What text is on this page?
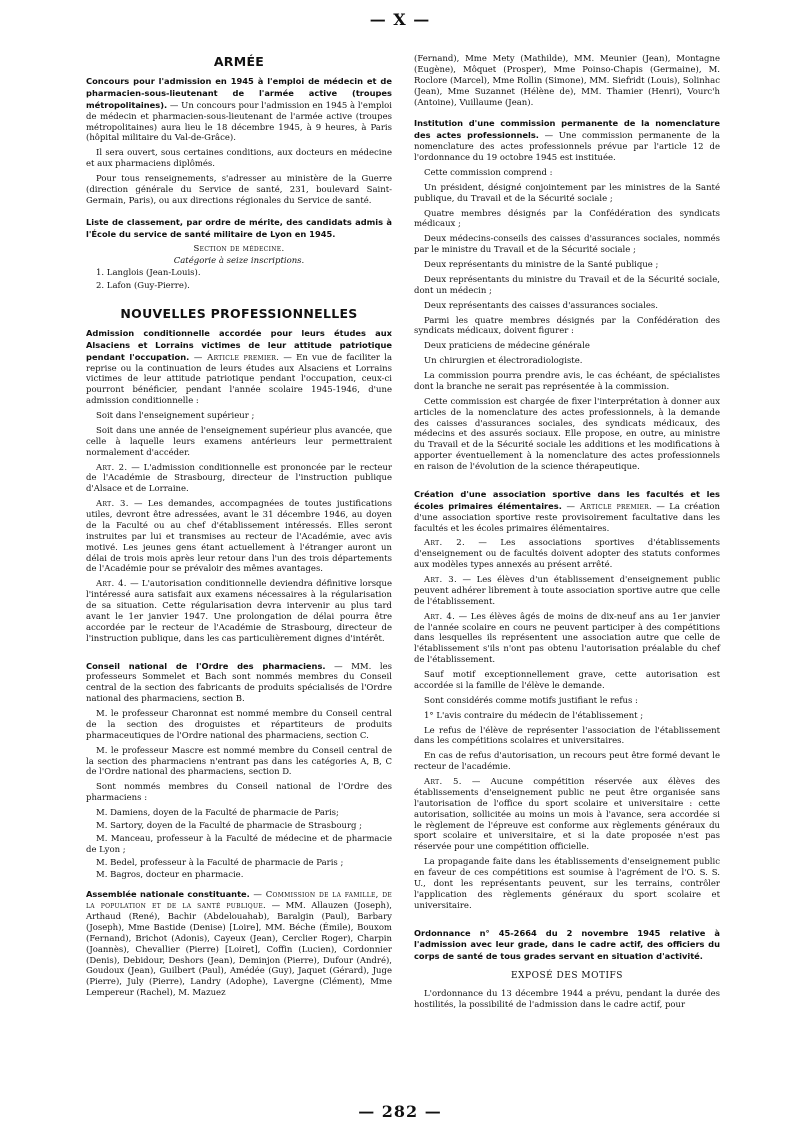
— X —
ARMÉE

Concours pour l'admission en 1945 à l'emploi de médecin et de pharmacien-sous-lieutenant de l'armée active (troupes métropolitaines). — Un concours pour l'admission en 1945 à l'emploi de médecin et pharmacien-sous-lieutenant de l'armée active (troupes métropolitaines) aura lieu le 18 décembre 1945, à 9 heures, à Paris (hôpital militaire du Val-de-Grâce).

Il sera ouvert, sous certaines conditions, aux docteurs en médecine et aux pharmaciens diplômés.

Pour tous renseignements, s'adresser au ministère de la Guerre (direction générale du Service de santé, 231, boulevard Saint-Germain, Paris), ou aux directions régionales du Service de santé.

Liste de classement, par ordre de mérite, des candidats admis à l'École du service de santé militaire de Lyon en 1945.

Section de médecine.

Catégorie à seize inscriptions.

1. Langlois (Jean-Louis).

2. Lafon (Guy-Pierre).

NOUVELLES PROFESSIONNELLES

Admission conditionnelle accordée pour leurs études aux Alsaciens et Lorrains victimes de leur attitude patriotique pendant l'occupation. — Article premier. — En vue de faciliter la reprise ou la continuation de leurs études aux Alsaciens et Lorrains victimes de leur attitude patriotique pendant l'occupation, ceux-ci pourront bénéficier, pendant l'année scolaire 1945-1946, d'une admission conditionnelle :

Soit dans l'enseignement supérieur ;

Soit dans une année de l'enseignement supérieur plus avancée, que celle à laquelle leurs examens antérieurs leur permettraient normalement d'accéder.

Art. 2. — L'admission conditionnelle est prononcée par le recteur de l'Académie de Strasbourg, directeur de l'instruction publique d'Alsace et de Lorraine.

Art. 3. — Les demandes, accompagnées de toutes justifications utiles, devront être adressées, avant le 31 décembre 1946, au doyen de la Faculté ou au chef d'établissement intéressés. Elles seront instruites par lui et transmises au recteur de l'Académie, avec avis motivé. Les jeunes gens étant actuellement à l'étranger auront un délai de trois mois après leur retour dans l'un des trois départements de l'Académie pour se prévaloir des mêmes avantages.

Art. 4. — L'autorisation conditionnelle deviendra définitive lorsque l'intéressé aura satisfait aux examens nécessaires à la régularisation de sa situation. Cette régularisation devra intervenir au plus tard avant le 1er janvier 1947. Une prolongation de délai pourra être accordée par le recteur de l'Académie de Strasbourg, directeur de l'instruction publique, dans les cas particulièrement dignes d'intérêt.

Conseil national de l'Ordre des pharmaciens. — MM. les professeurs Sommelet et Bach sont nommés membres du Conseil central de la section des fabricants de produits spécialisés de l'Ordre national des pharmaciens, section B.

M. le professeur Charonnat est nommé membre du Conseil central de la section des droguistes et répartiteurs de produits pharmaceutiques de l'Ordre national des pharmaciens, section C.

M. le professeur Mascre est nommé membre du Conseil central de la section des pharmaciens n'entrant pas dans les catégories A, B, C de l'Ordre national des pharmaciens, section D.

Sont nommés membres du Conseil national de l'Ordre des pharmaciens :

M. Damiens, doyen de la Faculté de pharmacie de Paris;

M. Sartory, doyen de la Faculté de pharmacie de Strasbourg ;

M. Manceau, professeur à la Faculté de médecine et de pharmacie de Lyon ;

M. Bedel, professeur à la Faculté de pharmacie de Paris ;

M. Bagros, docteur en pharmacie.

Assemblée nationale constituante. — Commission de la famille, de la population et de la santé publique. — MM. Allauzen (Joseph), Arthaud (René), Bachir (Abdelouahab), Baralgin (Paul), Barbary (Joseph), Mme Bastide (Denise) [Loire], MM. Béche (Émile), Bouxom (Fernand), Brichot (Adonis), Cayeux (Jean), Cerclier Roger), Charpin (Joannès), Chevallier (Pierre) [Loiret], Coffin (Lucien), Cordonnier (Denis), Debidour, Deshors (Jean), Deminjon (Pierre), Dufour (André), Goudoux (Jean), Guilbert (Paul), Amédée (Guy), Jaquet (Gérard), Juge (Pierre), July (Pierre), Landry (Adophe), Lavergne (Clément), Mme Lempereur (Rachel), M. Mazuez

(Fernand), Mme Mety (Mathilde), MM. Meunier (Jean), Montagne (Eugène), Môquet (Prosper), Mme Poinso-Chapis (Germaine), M. Roclore (Marcel), Mme Rollin (Simone), MM. Siefridt (Louis), Solinhac (Jean), Mme Suzannet (Hélène de), MM. Thamier (Henri), Vourc'h (Antoine), Vuillaume (Jean).

Institution d'une commission permanente de la nomenclature des actes professionnels. — Une commission permanente de la nomenclature des actes professionnels prévue par l'article 12 de l'ordonnance du 19 octobre 1945 est instituée.

Cette commission comprend :

Un président, désigné conjointement par les ministres de la Santé publique, du Travail et de la Sécurité sociale ;

Quatre membres désignés par la Confédération des syndicats médicaux ;

Deux médecins-conseils des caisses d'assurances sociales, nommés par le ministre du Travail et de la Sécurité sociale ;

Deux représentants du ministre de la Santé publique ;

Deux représentants du ministre du Travail et de la Sécurité sociale, dont un médecin ;

Deux représentants des caisses d'assurances sociales.

Parmi les quatre membres désignés par la Confédération des syndicats médicaux, doivent figurer :

Deux praticiens de médecine générale

Un chirurgien et électroradiologiste.

La commission pourra prendre avis, le cas échéant, de spécialistes dont la branche ne serait pas représentée à la commission.

Cette commission est chargée de fixer l'interprétation à donner aux articles de la nomenclature des actes professionnels, à la demande des caisses d'assurances sociales, des syndicats médicaux, des médecins et des assurés sociaux. Elle propose, en outre, au ministre du Travail et de la Sécurité sociale les additions et les modifications à apporter éventuellement à la nomenclature des actes professionnels en raison de l'évolution de la science thérapeutique.

Création d'une association sportive dans les facultés et les écoles primaires élémentaires. — Article premier. — La création d'une association sportive reste provisoirement facultative dans les facultés et les écoles primaires élémentaires.

Art. 2. — Les associations sportives d'établissements d'enseignement ou de facultés doivent adopter des statuts conformes aux modèles types annexés au présent arrêté.

Art. 3. — Les élèves d'un établissement d'enseignement public peuvent adhérer librement à toute association sportive autre que celle de l'établissement.

Art. 4. — Les élèves âgés de moins de dix-neuf ans au 1er janvier de l'année scolaire en cours ne peuvent participer à des compétitions dans lesquelles ils représentent une association autre que celle de l'établissement s'ils n'ont pas obtenu l'autorisation préalable du chef de l'établissement.

Sauf motif exceptionnellement grave, cette autorisation est accordée si la famille de l'élève le demande.

Sont considérés comme motifs justifiant le refus :

1° L'avis contraire du médecin de l'établissement ;

Le refus de l'élève de représenter l'association de l'établissement dans les compétitions scolaires et universitaires.

En cas de refus d'autorisation, un recours peut être formé devant le recteur de l'académie.

Art. 5. — Aucune compétition réservée aux élèves des établissements d'enseignement public ne peut être organisée sans l'autorisation de l'office du sport scolaire et universitaire : cette autorisation, sollicitée au moins un mois à l'avance, sera accordée si le règlement de l'épreuve est conforme aux règlements généraux du sport scolaire et universitaire, et si la date proposée n'est pas réservée pour une compétition officielle.

La propagande faite dans les établissements d'enseignement public en faveur de ces compétitions est soumise à l'agrément de l'O. S. S. U., dont les représentants peuvent, sur les terrains, contrôler l'application des règlements généraux du sport scolaire et universitaire.

Ordonnance n° 45-2664 du 2 novembre 1945 relative à l'admission avec leur grade, dans le cadre actif, des officiers du corps de santé de tous grades servant en situation d'activité.

EXPOSÉ DES MOTIFS

L'ordonnance du 13 décembre 1944 a prévu, pendant la durée des hostilités, la possibilité de l'admission dans le cadre actif, pour

— 282 —
